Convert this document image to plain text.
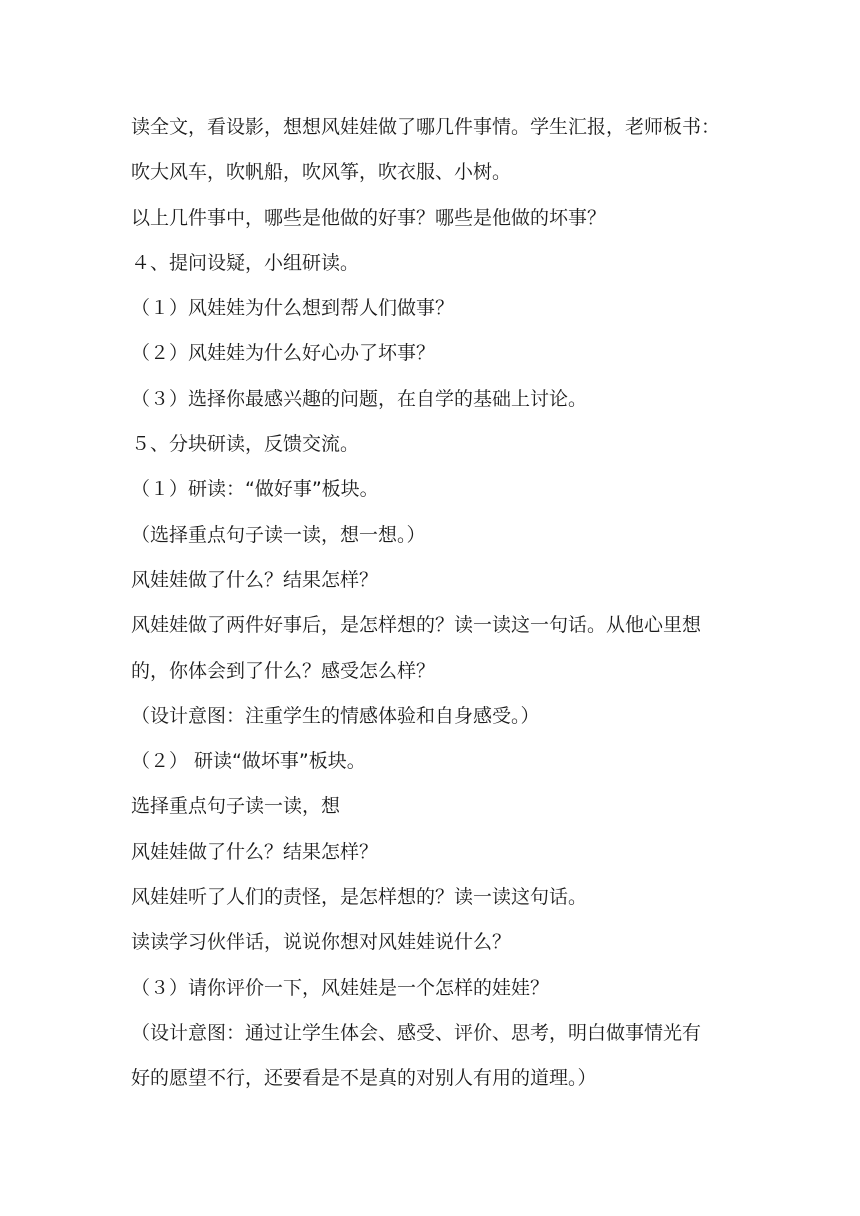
读全文，看设影，想想风娃娃做了哪几件事情。学生汇报，老师板书：
吹大风车，吹帆船，吹风筝，吹衣服、小树。
以上几件事中，哪些是他做的好事？哪些是他做的坏事？
４、提问设疑，小组研读。
（１）风娃娃为什么想到帮人们做事？
（２）风娃娃为什么好心办了坏事？
（３）选择你最感兴趣的问题，在自学的基础上讨论。
５、分块研读，反馈交流。
（１）研读：“做好事”板块。
（选择重点句子读一读，想一想。）
风娃娃做了什么？结果怎样？
风娃娃做了两件好事后，是怎样想的？读一读这一句话。从他心里想
的，你体会到了什么？感受怎么样？
（设计意图：注重学生的情感体验和自身感受。）
（２） 研读“做坏事”板块。
选择重点句子读一读，想
风娃娃做了什么？结果怎样？
风娃娃听了人们的责怪，是怎样想的？读一读这句话。
读读学习伙伴话，说说你想对风娃娃说什么？
（３）请你评价一下，风娃娃是一个怎样的娃娃？
（设计意图：通过让学生体会、感受、评价、思考，明白做事情光有
好的愿望不行，还要看是不是真的对别人有用的道理。）
